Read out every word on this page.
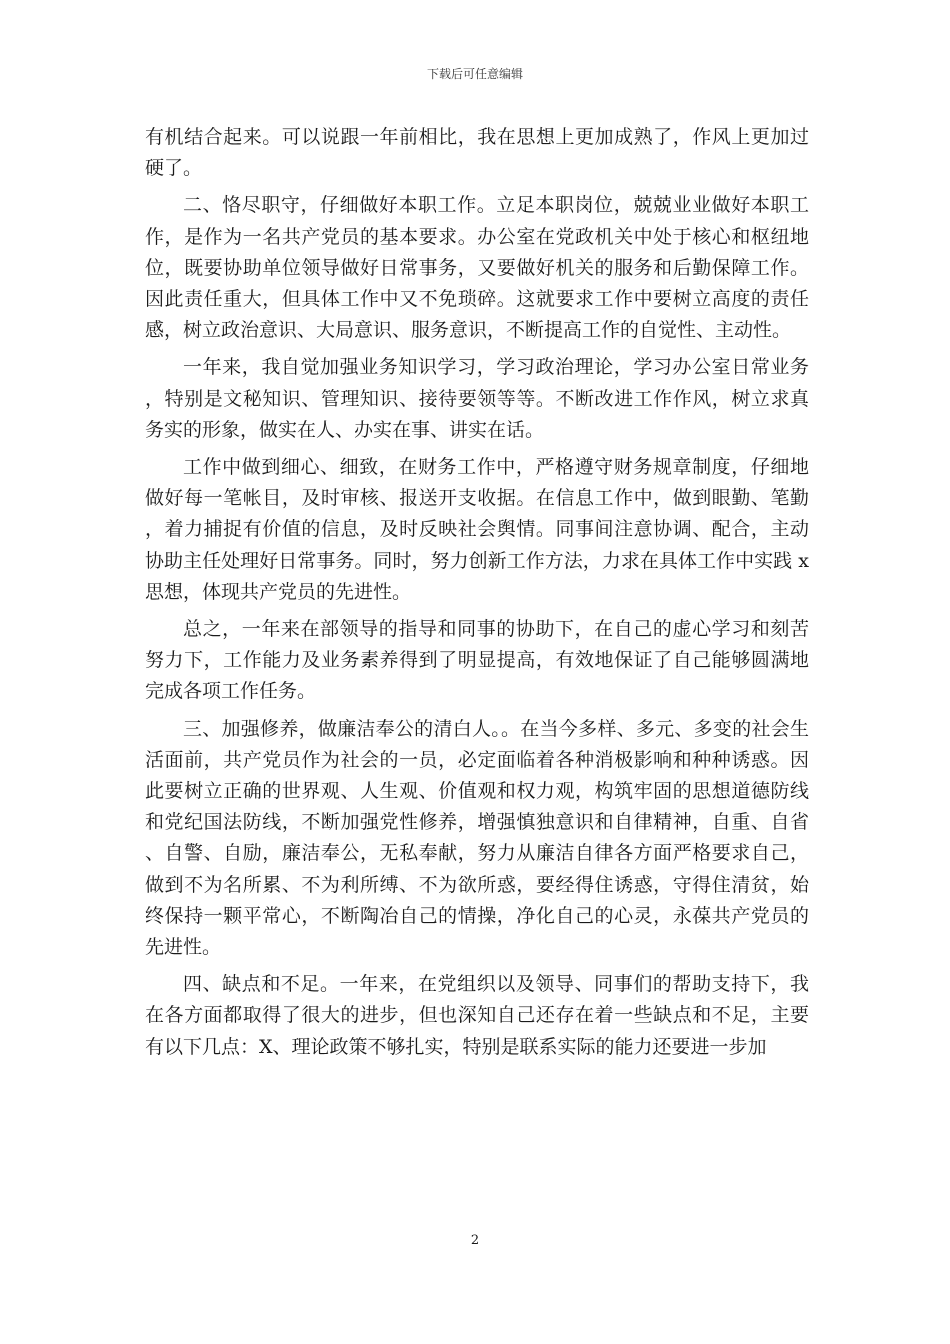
下载后可任意编辑

有机结合起来。可以说跟一年前相比，我在思想上更加成熟了，作风上更加过硬了。

二、恪尽职守，仔细做好本职工作。立足本职岗位，兢兢业业做好本职工作，是作为一名共产党员的基本要求。办公室在党政机关中处于核心和枢纽地位，既要协助单位领导做好日常事务，又要做好机关的服务和后勤保障工作。因此责任重大，但具体工作中又不免琐碎。这就要求工作中要树立高度的责任感，树立政治意识、大局意识、服务意识，不断提高工作的自觉性、主动性。

一年来，我自觉加强业务知识学习，学习政治理论，学习办公室日常业务，特别是文秘知识、管理知识、接待要领等等。不断改进工作作风，树立求真务实的形象，做实在人、办实在事、讲实在话。

工作中做到细心、细致，在财务工作中，严格遵守财务规章制度，仔细地做好每一笔帐目，及时审核、报送开支收据。在信息工作中，做到眼勤、笔勤，着力捕捉有价值的信息，及时反映社会舆情。同事间注意协调、配合，主动协助主任处理好日常事务。同时，努力创新工作方法，力求在具体工作中实践 x 思想，体现共产党员的先进性。

总之，一年来在部领导的指导和同事的协助下，在自己的虚心学习和刻苦努力下，工作能力及业务素养得到了明显提高，有效地保证了自己能够圆满地完成各项工作任务。

三、加强修养，做廉洁奉公的清白人。。在当今多样、多元、多变的社会生活面前，共产党员作为社会的一员，必定面临着各种消极影响和种种诱惑。因此要树立正确的世界观、人生观、价值观和权力观，构筑牢固的思想道德防线和党纪国法防线，不断加强党性修养，增强慎独意识和自律精神，自重、自省、自警、自励，廉洁奉公，无私奉献，努力从廉洁自律各方面严格要求自己，做到不为名所累、不为利所缚、不为欲所惑，要经得住诱惑，守得住清贫，始终保持一颗平常心，不断陶冶自己的情操，净化自己的心灵，永葆共产党员的先进性。

四、缺点和不足。一年来，在党组织以及领导、同事们的帮助支持下，我在各方面都取得了很大的进步，但也深知自己还存在着一些缺点和不足，主要有以下几点：X、理论政策不够扎实，特别是联系实际的能力还要进一步加

2
